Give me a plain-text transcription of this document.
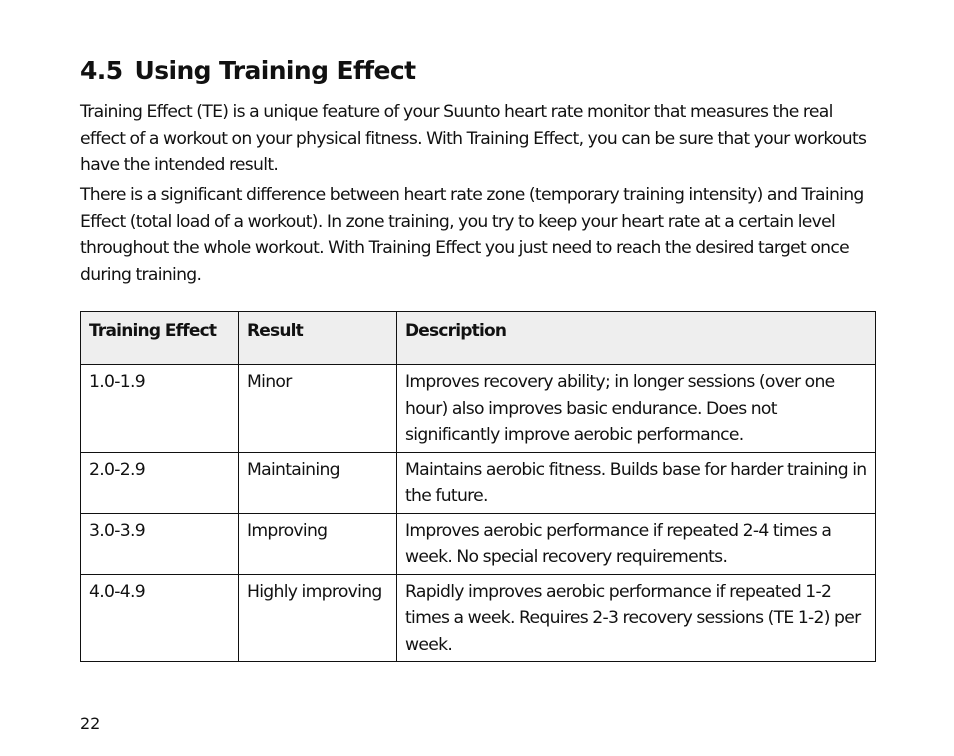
4.5 Using Training Effect

Training Effect (TE) is a unique feature of your Suunto heart rate monitor that measures the real effect of a workout on your physical fitness. With Training Effect, you can be sure that your workouts have the intended result.

There is a significant difference between heart rate zone (temporary training intensity) and Training Effect (total load of a workout). In zone training, you try to keep your heart rate at a certain level throughout the whole workout. With Training Effect you just need to reach the desired target once during training.

Training Effect	Result	Description
1.0-1.9	Minor	Improves recovery ability; in longer sessions (over one hour) also improves basic endurance. Does not significantly improve aerobic performance.
2.0-2.9	Maintaining	Maintains aerobic fitness. Builds base for harder training in the future.
3.0-3.9	Improving	Improves aerobic performance if repeated 2-4 times a week. No special recovery requirements.
4.0-4.9	Highly improving	Rapidly improves aerobic performance if repeated 1-2 times a week. Requires 2-3 recovery sessions (TE 1-2) per week.
22
